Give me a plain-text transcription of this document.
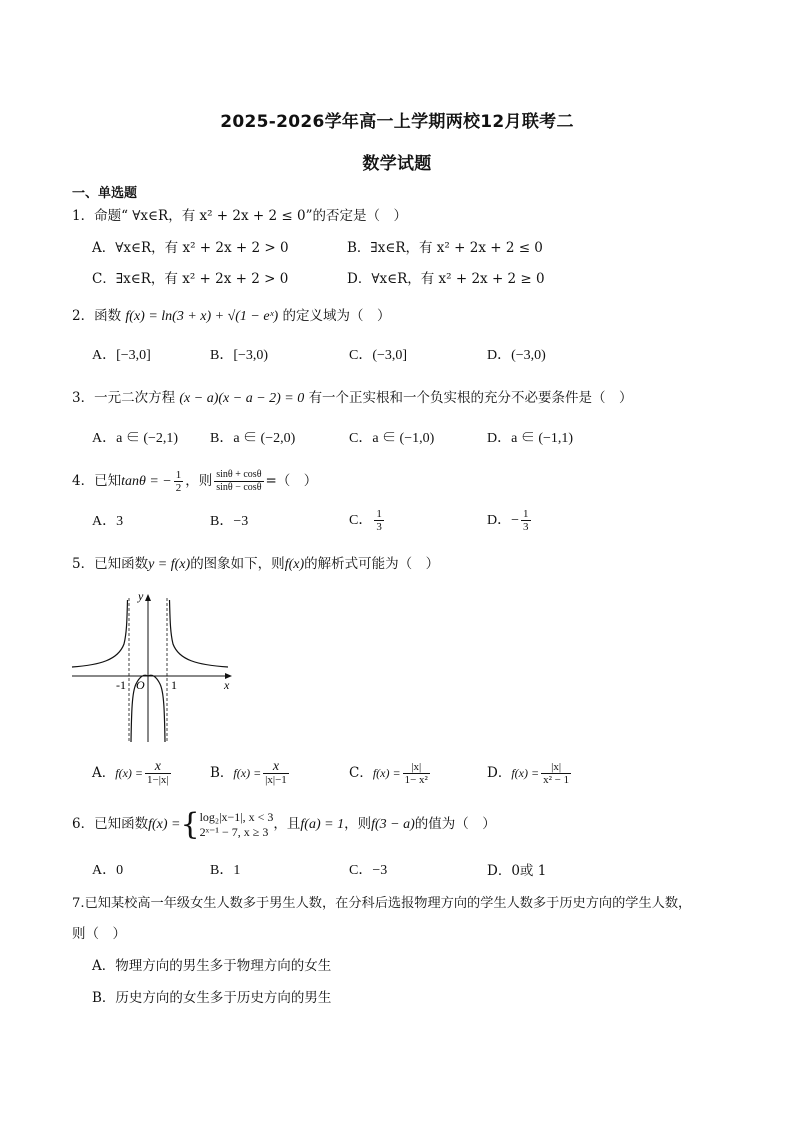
2025-2026学年高一上学期两校12月联考二
数学试题
一、单选题
1．命题“ ∀x∈R，有 x² + 2x + 2 ≤ 0”的否定是（　）
A．∀x∈R，有 x² + 2x + 2 > 0	B．∃x∈R，有 x² + 2x + 2 ≤ 0
C．∃x∈R，有 x² + 2x + 2 > 0	D．∀x∈R，有 x² + 2x + 2 ≥ 0
2．函数 f(x) = ln(3 + x) + √(1 − eˣ) 的定义域为（　）
A．[−3,0]	B．[−3,0)	C．(−3,0]	D．(−3,0)
3．一元二次方程 (x − a)(x − a − 2) = 0 有一个正实根和一个负实根的充分不必要条件是（　）
A．a ∈ (−2,1) B．a ∈ (−2,0)	C．a ∈ (−1,0)	D．a ∈ (−1,1)
4．已知tanθ = − $\frac{1}{2}$ ，则 $\frac{\sin\theta + \cos\theta}{\sin\theta - \cos\theta}$ =（　）
A．3	B．−3	C． $\frac{1}{3}$	D．− $\frac{1}{3}$
5．已知函数y = f(x)的图象如下，则f(x)的解析式可能为（　）
y
x
O
-1	1
A．$f(x) = \frac{x}{1-|x|}$	B．$f(x) = \frac{x}{|x|-1}$	C．$f(x) = \frac{|x|}{\text{1− x²}}$	D．$f(x) = \frac{|x|}{\text{x² − 1}}$
6．已知函数f(x) ={ log₂|x−1|, x < 3
2ˣ⁻¹ − 7, x ≥ 3 ，且f(a) = 1，则f(3 − a)的值为（　）
A．0	B．1	C．−3	D．0或 1
7.已知某校高一年级女生人数多于男生人数，在分科后选报物理方向的学生人数多于历史方向的学生人数，
则（　）
A．物理方向的男生多于物理方向的女生
B．历史方向的女生多于历史方向的男生
